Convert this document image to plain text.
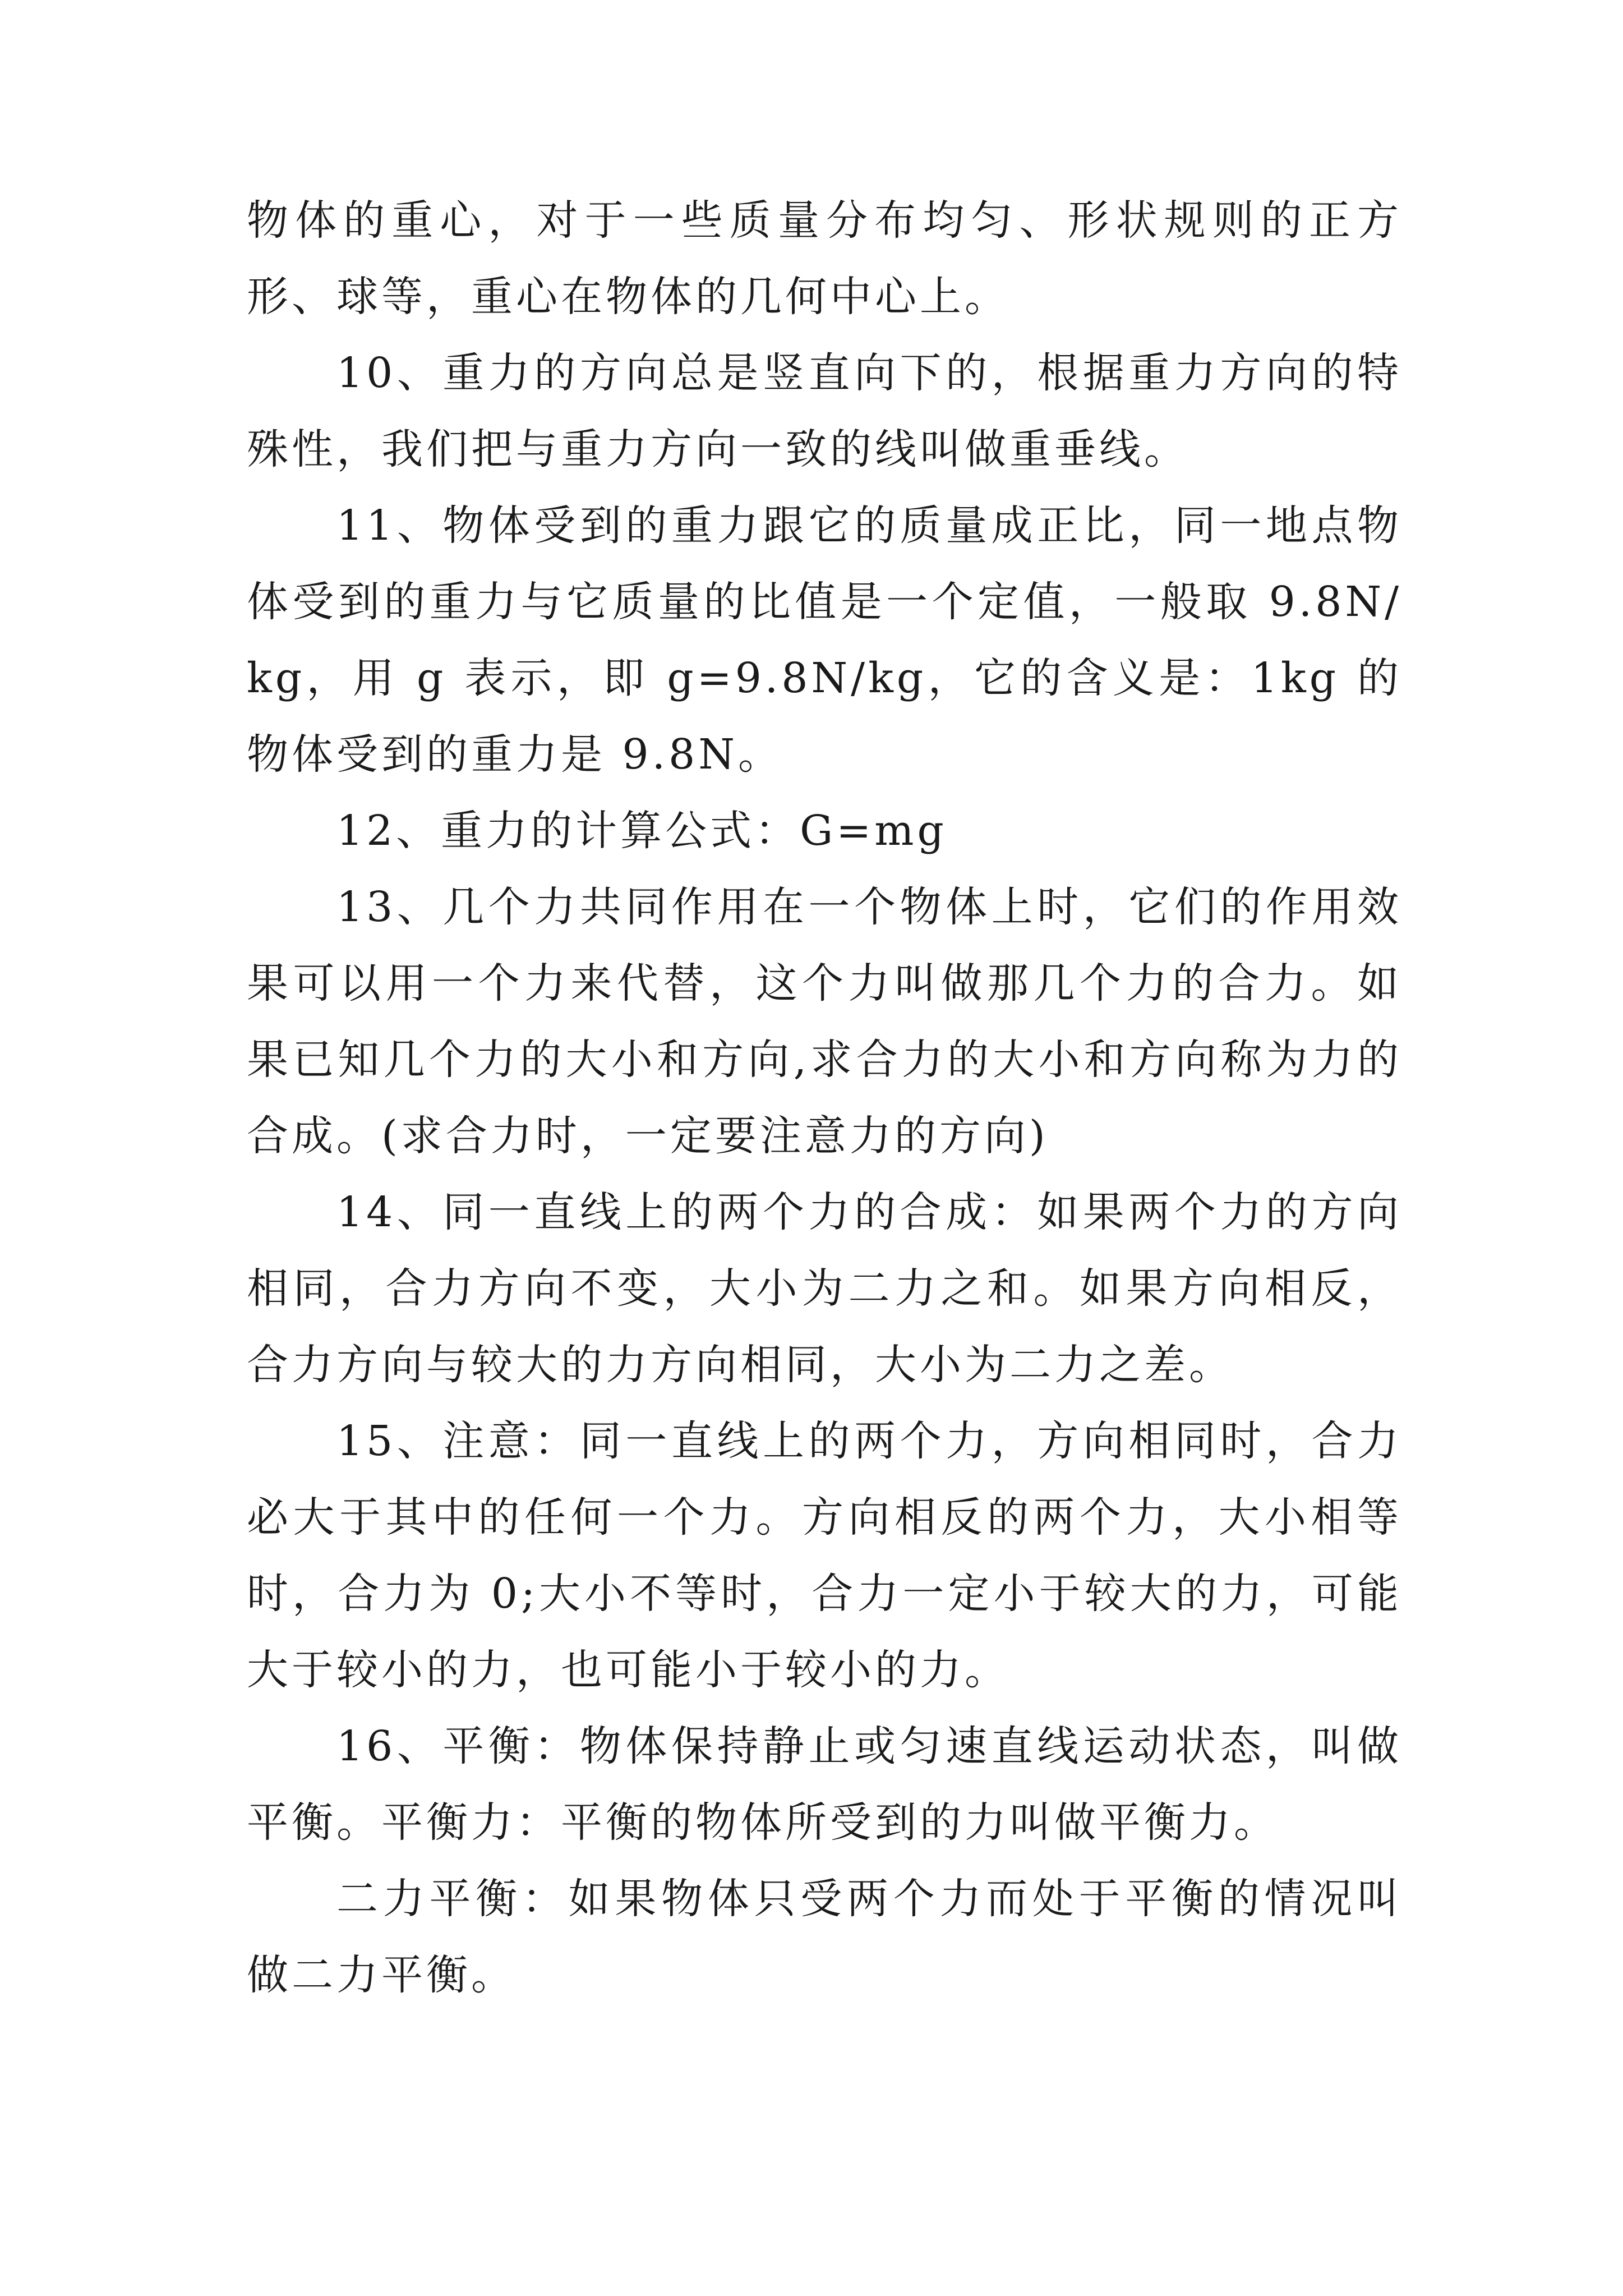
物体的重心，对于一些质量分布均匀、形状规则的正方形、球等，重心在物体的几何中心上。

10、重力的方向总是竖直向下的，根据重力方向的特殊性，我们把与重力方向一致的线叫做重垂线。

11、物体受到的重力跟它的质量成正比，同一地点物体受到的重力与它质量的比值是一个定值，一般取 9.8N/kg，用 g 表示，即 g=9.8N/kg，它的含义是：1kg 的物体受到的重力是 9.8N。

12、重力的计算公式：G=mg

13、几个力共同作用在一个物体上时，它们的作用效果可以用一个力来代替，这个力叫做那几个力的合力。如果已知几个力的大小和方向,求合力的大小和方向称为力的合成。(求合力时，一定要注意力的方向)

14、同一直线上的两个力的合成：如果两个力的方向相同，合力方向不变，大小为二力之和。如果方向相反，合力方向与较大的力方向相同，大小为二力之差。

15、注意：同一直线上的两个力，方向相同时，合力必大于其中的任何一个力。方向相反的两个力，大小相等时，合力为 0;大小不等时，合力一定小于较大的力，可能大于较小的力，也可能小于较小的力。

16、平衡：物体保持静止或匀速直线运动状态，叫做平衡。平衡力：平衡的物体所受到的力叫做平衡力。

二力平衡：如果物体只受两个力而处于平衡的情况叫做二力平衡。
